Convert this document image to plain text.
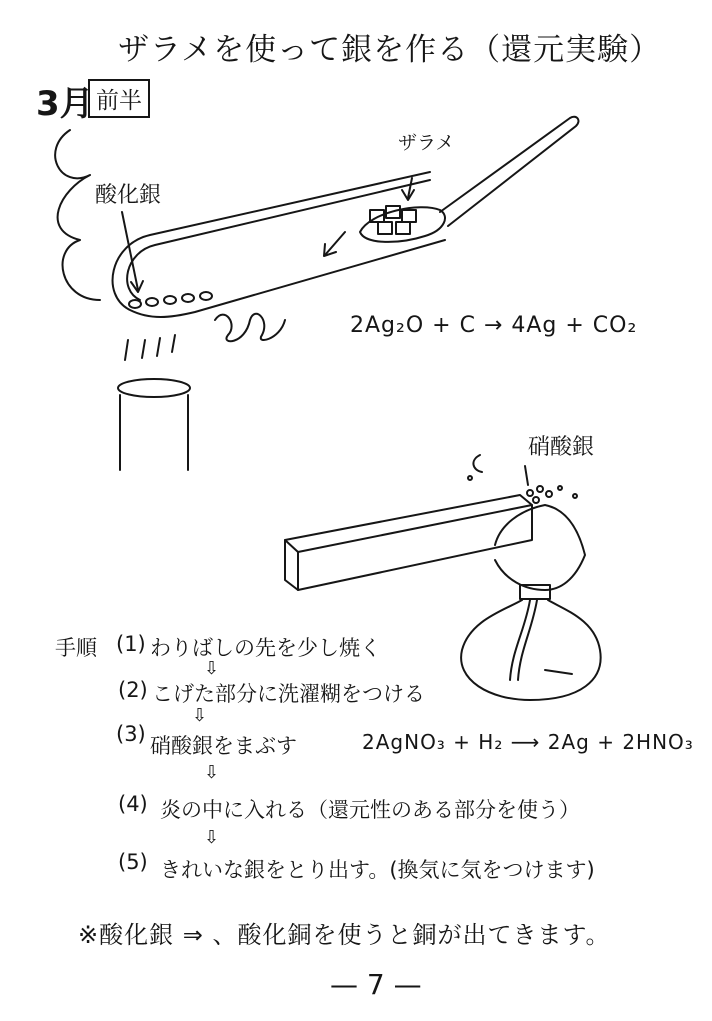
ザラメを使って銀を作る（還元実験）
3月 前半
酸化銀
ザラメ
硝酸銀
2Ag₂O + C → 4Ag + CO₂
2AgNO₃ + H₂ ⟶ 2Ag + 2HNO₃
手順 (1) わりばしの先を少し焼く
⇩
(2) こげた部分に洗濯糊をつける
⇩
(3) 硝酸銀をまぶす
⇩
(4) 炎の中に入れる（還元性のある部分を使う）
⇩
(5) きれいな銀をとり出す。(換気に気をつけます)
※酸化銀 ⇒ 、酸化銅を使うと銅が出てきます。
— 7 —
